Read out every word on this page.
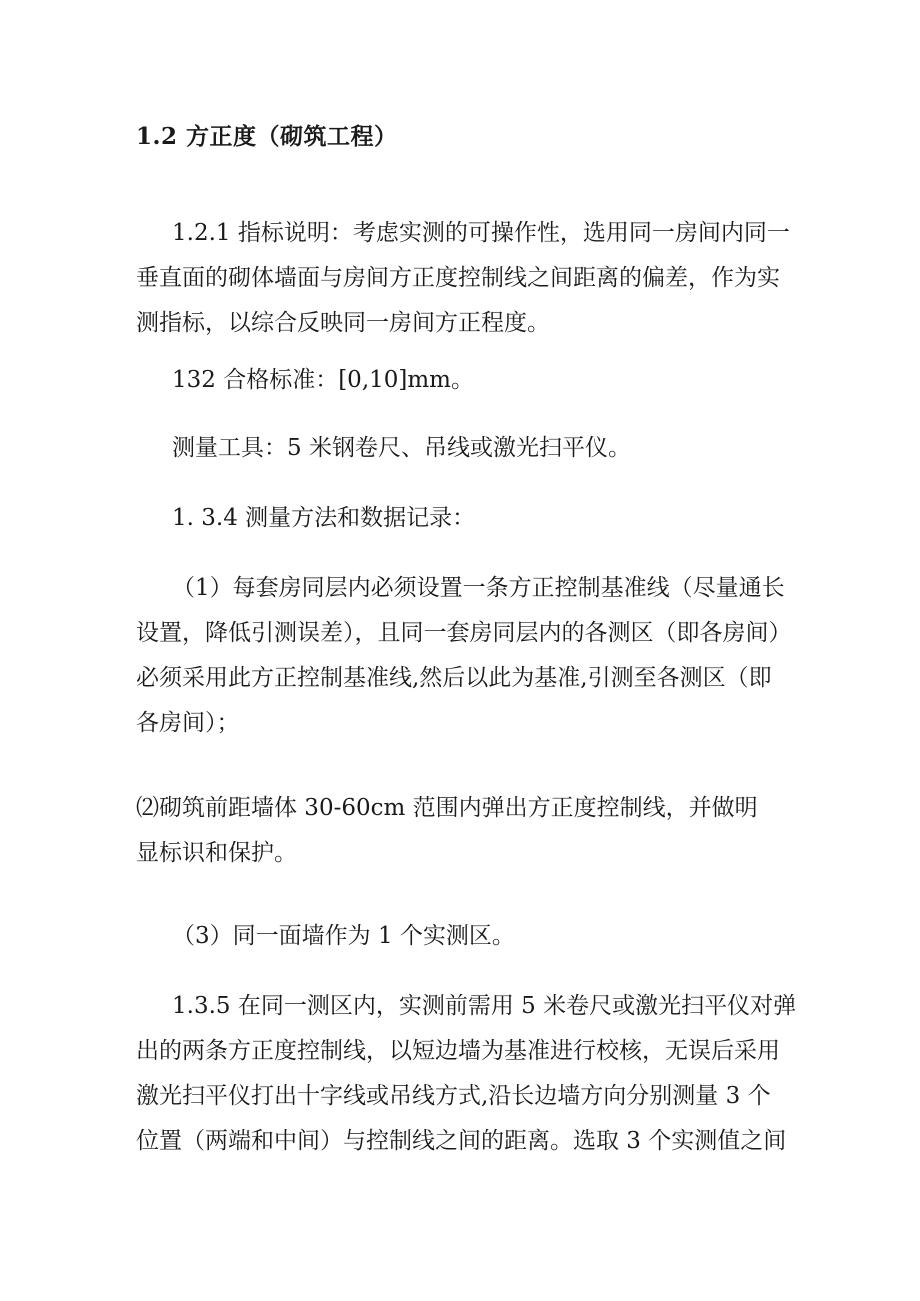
1.2 方正度（砌筑工程）
1.2.1 指标说明：考虑实测的可操作性，选用同一房间内同一
垂直面的砌体墙面与房间方正度控制线之间距离的偏差，作为实
测指标，以综合反映同一房间方正程度。
132 合格标准：[0,10]mm。
测量工具：5 米钢卷尺、吊线或激光扫平仪。
1. 3.4 测量方法和数据记录：
（1）每套房同层内必须设置一条方正控制基准线（尽量通长
设置，降低引测误差），且同一套房同层内的各测区（即各房间）
必须采用此方正控制基准线,然后以此为基准,引测至各测区（即
各房间）；
⑵砌筑前距墙体 30-60cm 范围内弹出方正度控制线，并做明
显标识和保护。
（3）同一面墙作为 1 个实测区。
1.3.5 在同一测区内，实测前需用 5 米卷尺或激光扫平仪对弹
出的两条方正度控制线，以短边墙为基准进行校核，无误后采用
激光扫平仪打出十字线或吊线方式,沿长边墙方向分别测量 3 个
位置（两端和中间）与控制线之间的距离。选取 3 个实测值之间
